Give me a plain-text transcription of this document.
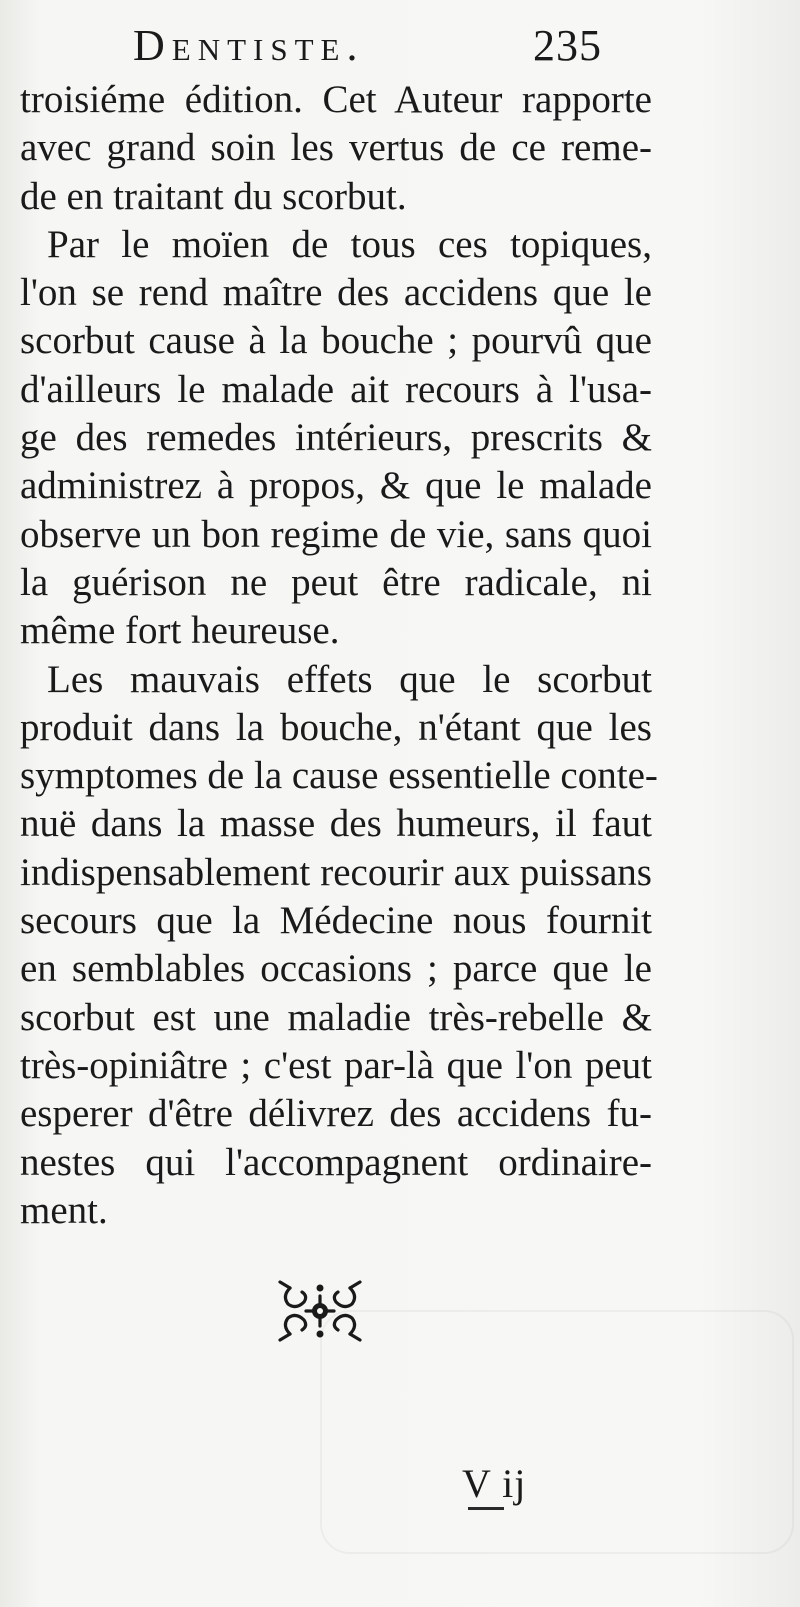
Dentiste.	235
troisiéme édition. Cet Auteur rapporte
avec grand soin les vertus de ce reme-
de en traitant du scorbut.
Par le moïen de tous ces topiques,
l'on se rend maître des accidens que le
scorbut cause à la bouche ; pourvû que
d'ailleurs le malade ait recours à l'usa-
ge des remedes intérieurs, prescrits &
administrez à propos, & que le malade
observe un bon regime de vie, sans quoi
la guérison ne peut être radicale, ni
même fort heureuse.
Les mauvais effets que le scorbut
produit dans la bouche, n'étant que les
symptomes de la cause essentielle conte-
nuë dans la masse des humeurs, il faut
indispensablement recourir aux puissans
secours que la Médecine nous fournit
en semblables occasions ; parce que le
scorbut est une maladie très-rebelle &
très-opiniâtre ; c'est par-là que l'on peut
esperer d'être délivrez des accidens fu-
nestes qui l'accompagnent ordinaire-
ment.
V ij
